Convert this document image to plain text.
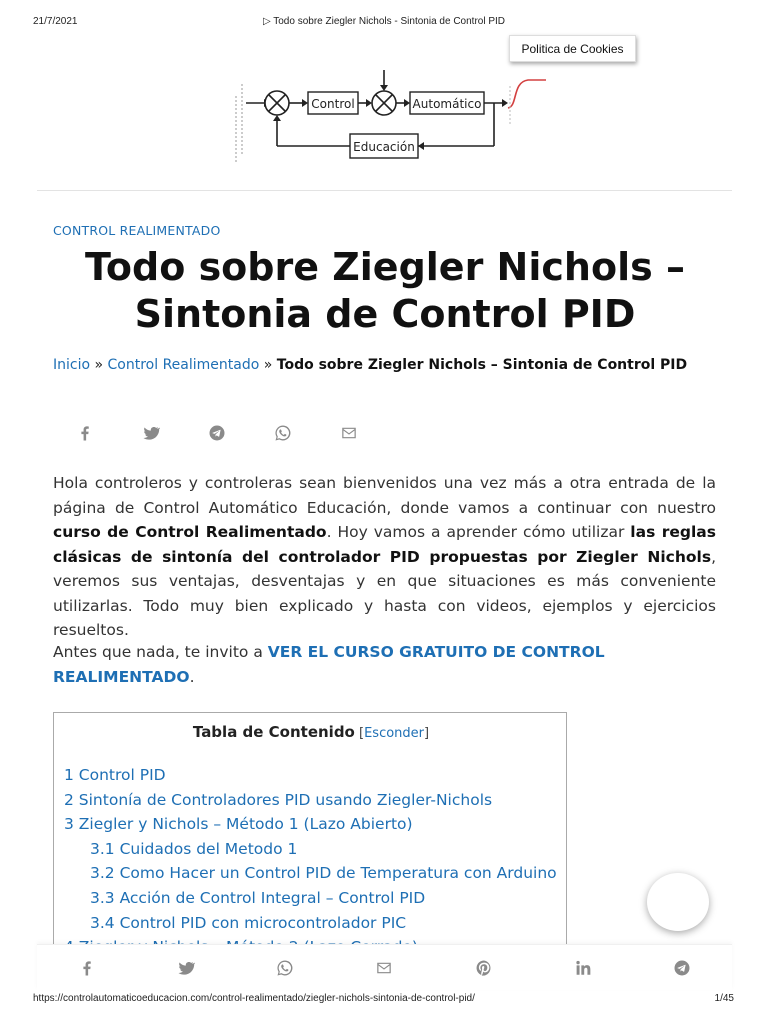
21/7/2021	▷ Todo sobre Ziegler Nichols - Sintonia de Control PID
Politica de Cookies
Control	Automático
Educación
CONTROL REALIMENTADO
Todo sobre Ziegler Nichols –
Sintonia de Control PID
Inicio » Control Realimentado » Todo sobre Ziegler Nichols – Sintonia de Control PID

Hola controleros y controleras sean bienvenidos una vez más a otra entrada de la página de Control Automático Educación, donde vamos a continuar con nuestro curso de Control Realimentado. Hoy vamos a aprender cómo utilizar las reglas clásicas de sintonía del controlador PID propuestas por Ziegler Nichols, veremos sus ventajas, desventajas y en que situaciones es más conveniente utilizarlas. Todo muy bien explicado y hasta con videos, ejemplos y ejercicios resueltos.

Antes que nada, te invito a VER EL CURSO GRATUITO DE CONTROL REALIMENTADO.

Tabla de Contenido [Esconder]
1 Control PID
2 Sintonía de Controladores PID usando Ziegler-Nichols
3 Ziegler y Nichols – Método 1 (Lazo Abierto)
3.1 Cuidados del Metodo 1
3.2 Como Hacer un Control PID de Temperatura con Arduino
3.3 Acción de Control Integral – Control PID
3.4 Control PID con microcontrolador PIC
https://controlautomaticoeducacion.com/control-realimentado/ziegler-nichols-sintonia-de-control-pid/	1/45
